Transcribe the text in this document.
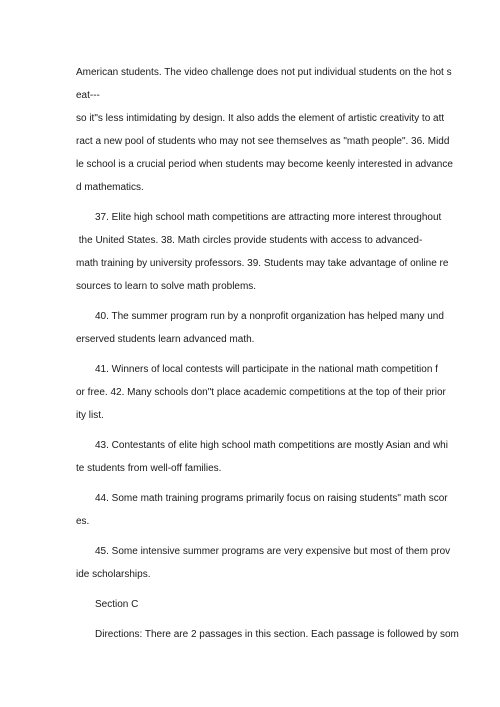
American students. The video challenge does not put individual students on the hot s
eat---
so it"s less intimidating by design. It also adds the element of artistic creativity to att
ract a new pool of students who may not see themselves as "math people". 36. Midd
le school is a crucial period when students may become keenly interested in advance
d mathematics.
37. Elite high school math competitions are attracting more interest throughout
the United States. 38. Math circles provide students with access to advanced-
math training by university professors. 39. Students may take advantage of online re
sources to learn to solve math problems.
40. The summer program run by a nonprofit organization has helped many und
erserved students learn advanced math.
41. Winners of local contests will participate in the national math competition f
or free. 42. Many schools don"t place academic competitions at the top of their prior
ity list.
43. Contestants of elite high school math competitions are mostly Asian and whi
te students from well-off families.
44. Some math training programs primarily focus on raising students" math scor
es.
45. Some intensive summer programs are very expensive but most of them prov
ide scholarships.
Section C
Directions: There are 2 passages in this section. Each passage is followed by som
